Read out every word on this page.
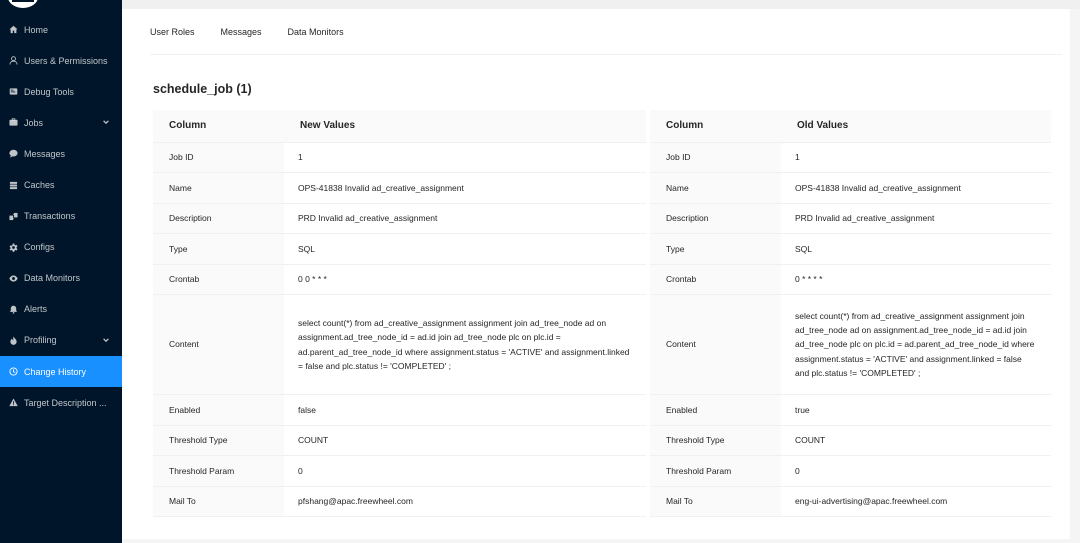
Home
Users & Permissions
Debug Tools
Jobs
Messages
Caches
Transactions
Configs
Data Monitors
Alerts
Profiling
Change History
Target Description ...
User Roles	Messages	Data Monitors
schedule_job (1)
Column	New Values
Job ID	1
Name	OPS-41838 Invalid ad_creative_assignment
Description	PRD Invalid ad_creative_assignment
Type	SQL
Crontab	0 0 * * *
Content	select count(*) from ad_creative_assignment assignment join ad_tree_node ad on assignment.ad_tree_node_id = ad.id join ad_tree_node plc on plc.id = ad.parent_ad_tree_node_id where assignment.status = 'ACTIVE' and assignment.linked = false and plc.status != 'COMPLETED' ;
Enabled	false
Threshold Type	COUNT
Threshold Param	0
Mail To	pfshang@apac.freewheel.com
Column	Old Values
Job ID	1
Name	OPS-41838 Invalid ad_creative_assignment
Description	PRD Invalid ad_creative_assignment
Type	SQL
Crontab	0 * * * *
Content	select count(*) from ad_creative_assignment assignment join ad_tree_node ad on assignment.ad_tree_node_id = ad.id join ad_tree_node plc on plc.id = ad.parent_ad_tree_node_id where assignment.status = 'ACTIVE' and assignment.linked = false and plc.status != 'COMPLETED' ;
Enabled	true
Threshold Type	COUNT
Threshold Param	0
Mail To	eng-ui-advertising@apac.freewheel.com
